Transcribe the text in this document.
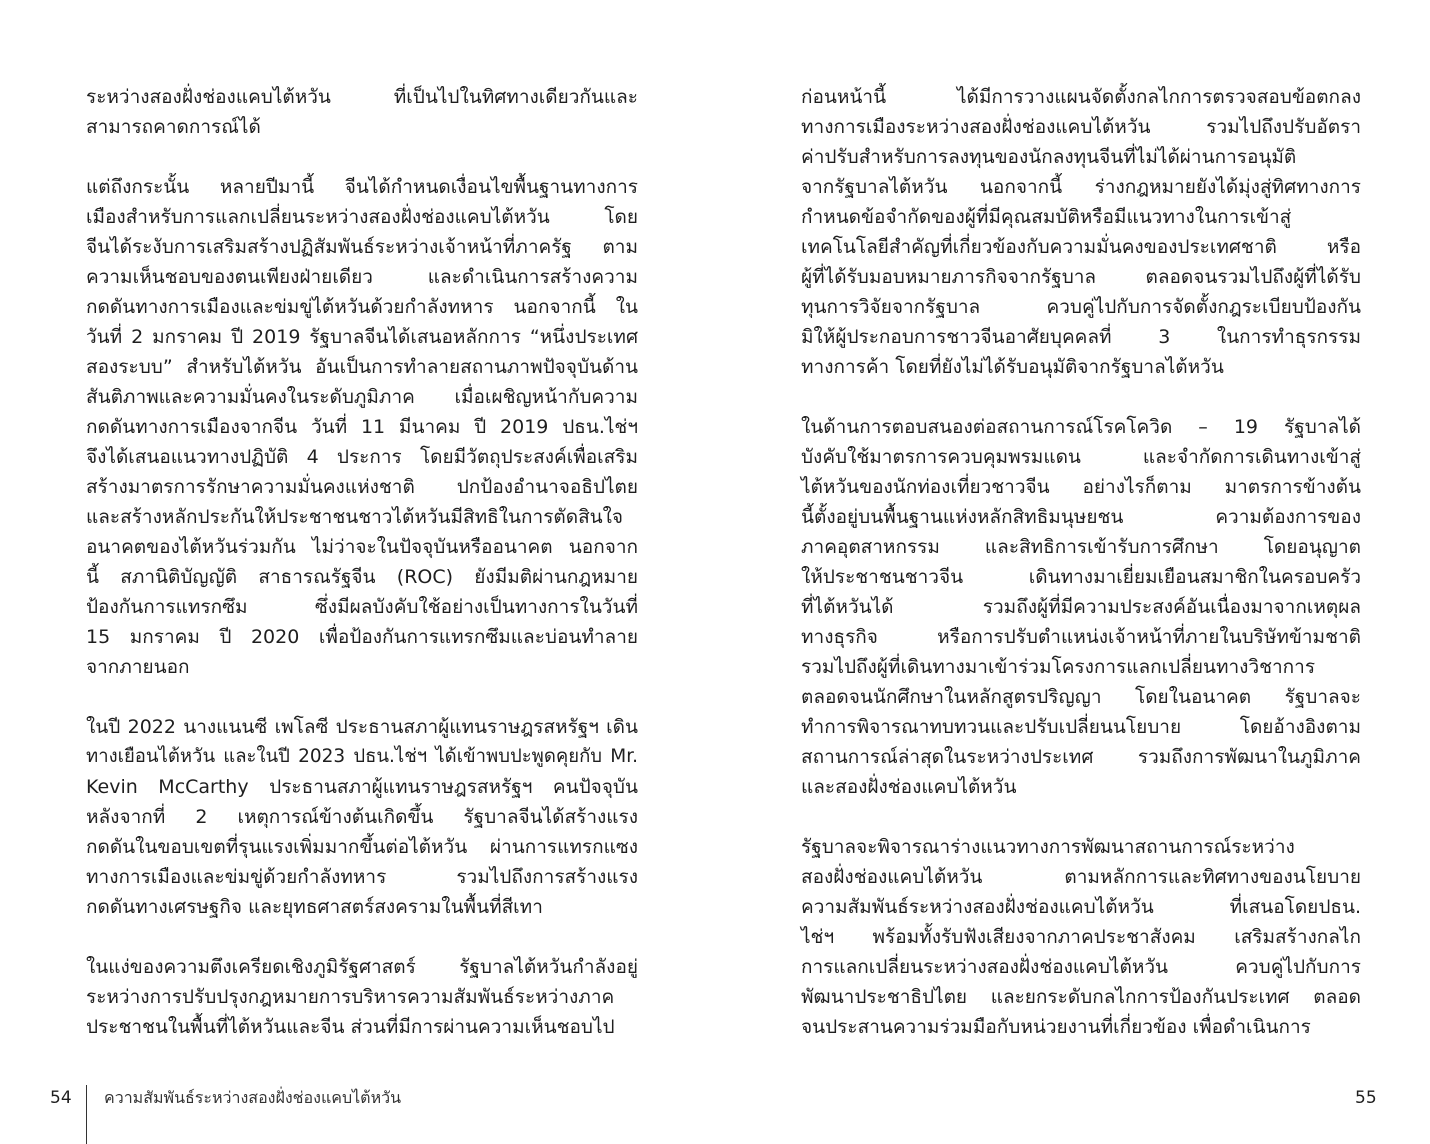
ระหว่างสองฝั่งช่องแคบไต้หวัน ที่เป็นไปในทิศทางเดียวกันและ
สามารถคาดการณ์ได้

แต่ถึงกระนั้น หลายปีมานี้ จีนได้กำหนดเงื่อนไขพื้นฐานทางการ
เมืองสำหรับการแลกเปลี่ยนระหว่างสองฝั่งช่องแคบไต้หวัน โดย
จีนได้ระงับการเสริมสร้างปฏิสัมพันธ์ระหว่างเจ้าหน้าที่ภาครัฐ ตาม
ความเห็นชอบของตนเพียงฝ่ายเดียว และดำเนินการสร้างความ
กดดันทางการเมืองและข่มขู่ไต้หวันด้วยกำลังทหาร นอกจากนี้ ใน
วันที่ 2 มกราคม ปี 2019 รัฐบาลจีนได้เสนอหลักการ “หนึ่งประเทศ
สองระบบ” สำหรับไต้หวัน อันเป็นการทำลายสถานภาพปัจจุบันด้าน
สันติภาพและความมั่นคงในระดับภูมิภาค เมื่อเผชิญหน้ากับความ
กดดันทางการเมืองจากจีน วันที่ 11 มีนาคม ปี 2019 ปธน.ไช่ฯ
จึงได้เสนอแนวทางปฏิบัติ 4 ประการ โดยมีวัตถุประสงค์เพื่อเสริม
สร้างมาตรการรักษาความมั่นคงแห่งชาติ ปกป้องอำนาจอธิปไตย
และสร้างหลักประกันให้ประชาชนชาวไต้หวันมีสิทธิในการตัดสินใจ
อนาคตของไต้หวันร่วมกัน ไม่ว่าจะในปัจจุบันหรืออนาคต นอกจาก
นี้ สภานิติบัญญัติ สาธารณรัฐจีน (ROC) ยังมีมติผ่านกฎหมาย
ป้องกันการแทรกซึม ซึ่งมีผลบังคับใช้อย่างเป็นทางการในวันที่
15 มกราคม ปี 2020 เพื่อป้องกันการแทรกซึมและบ่อนทำลาย
จากภายนอก

ในปี 2022 นางแนนซี เพโลซี ประธานสภาผู้แทนราษฎรสหรัฐฯ เดิน
ทางเยือนไต้หวัน และในปี 2023 ปธน.ไช่ฯ ได้เข้าพบปะพูดคุยกับ Mr.
Kevin McCarthy ประธานสภาผู้แทนราษฎรสหรัฐฯ คนปัจจุบัน
หลังจากที่ 2 เหตุการณ์ข้างต้นเกิดขึ้น รัฐบาลจีนได้สร้างแรง
กดดันในขอบเขตที่รุนแรงเพิ่มมากขึ้นต่อไต้หวัน ผ่านการแทรกแซง
ทางการเมืองและข่มขู่ด้วยกำลังทหาร รวมไปถึงการสร้างแรง
กดดันทางเศรษฐกิจ และยุทธศาสตร์สงครามในพื้นที่สีเทา

ในแง่ของความตึงเครียดเชิงภูมิรัฐศาสตร์ รัฐบาลไต้หวันกำลังอยู่
ระหว่างการปรับปรุงกฎหมายการบริหารความสัมพันธ์ระหว่างภาค
ประชาชนในพื้นที่ไต้หวันและจีน ส่วนที่มีการผ่านความเห็นชอบไป

54 ความสัมพันธ์ระหว่างสองฝั่งช่องแคบไต้หวัน

ก่อนหน้านี้ ได้มีการวางแผนจัดตั้งกลไกการตรวจสอบข้อตกลง
ทางการเมืองระหว่างสองฝั่งช่องแคบไต้หวัน รวมไปถึงปรับอัตรา
ค่าปรับสำหรับการลงทุนของนักลงทุนจีนที่ไม่ได้ผ่านการอนุมัติ
จากรัฐบาลไต้หวัน นอกจากนี้ ร่างกฎหมายยังได้มุ่งสู่ทิศทางการ
กำหนดข้อจำกัดของผู้ที่มีคุณสมบัติหรือมีแนวทางในการเข้าสู่
เทคโนโลยีสำคัญที่เกี่ยวข้องกับความมั่นคงของประเทศชาติ หรือ
ผู้ที่ได้รับมอบหมายภารกิจจากรัฐบาล ตลอดจนรวมไปถึงผู้ที่ได้รับ
ทุนการวิจัยจากรัฐบาล ควบคู่ไปกับการจัดตั้งกฎระเบียบป้องกัน
มิให้ผู้ประกอบการชาวจีนอาศัยบุคคลที่ 3 ในการทำธุรกรรม
ทางการค้า โดยที่ยังไม่ได้รับอนุมัติจากรัฐบาลไต้หวัน

ในด้านการตอบสนองต่อสถานการณ์โรคโควิด – 19 รัฐบาลได้
บังคับใช้มาตรการควบคุมพรมแดน และจำกัดการเดินทางเข้าสู่
ไต้หวันของนักท่องเที่ยวชาวจีน อย่างไรก็ตาม มาตรการข้างต้น
นี้ตั้งอยู่บนพื้นฐานแห่งหลักสิทธิมนุษยชน ความต้องการของ
ภาคอุตสาหกรรม และสิทธิการเข้ารับการศึกษา โดยอนุญาต
ให้ประชาชนชาวจีน เดินทางมาเยี่ยมเยือนสมาชิกในครอบครัว
ที่ไต้หวันได้ รวมถึงผู้ที่มีความประสงค์อันเนื่องมาจากเหตุผล
ทางธุรกิจ หรือการปรับตำแหน่งเจ้าหน้าที่ภายในบริษัทข้ามชาติ
รวมไปถึงผู้ที่เดินทางมาเข้าร่วมโครงการแลกเปลี่ยนทางวิชาการ
ตลอดจนนักศึกษาในหลักสูตรปริญญา โดยในอนาคต รัฐบาลจะ
ทำการพิจารณาทบทวนและปรับเปลี่ยนนโยบาย โดยอ้างอิงตาม
สถานการณ์ล่าสุดในระหว่างประเทศ รวมถึงการพัฒนาในภูมิภาค
และสองฝั่งช่องแคบไต้หวัน

รัฐบาลจะพิจารณาร่างแนวทางการพัฒนาสถานการณ์ระหว่าง
สองฝั่งช่องแคบไต้หวัน ตามหลักการและทิศทางของนโยบาย
ความสัมพันธ์ระหว่างสองฝั่งช่องแคบไต้หวัน ที่เสนอโดยปธน.
ไช่ฯ พร้อมทั้งรับฟังเสียงจากภาคประชาสังคม เสริมสร้างกลไก
การแลกเปลี่ยนระหว่างสองฝั่งช่องแคบไต้หวัน ควบคู่ไปกับการ
พัฒนาประชาธิปไตย และยกระดับกลไกการป้องกันประเทศ ตลอด
จนประสานความร่วมมือกับหน่วยงานที่เกี่ยวข้อง เพื่อดำเนินการ

55
